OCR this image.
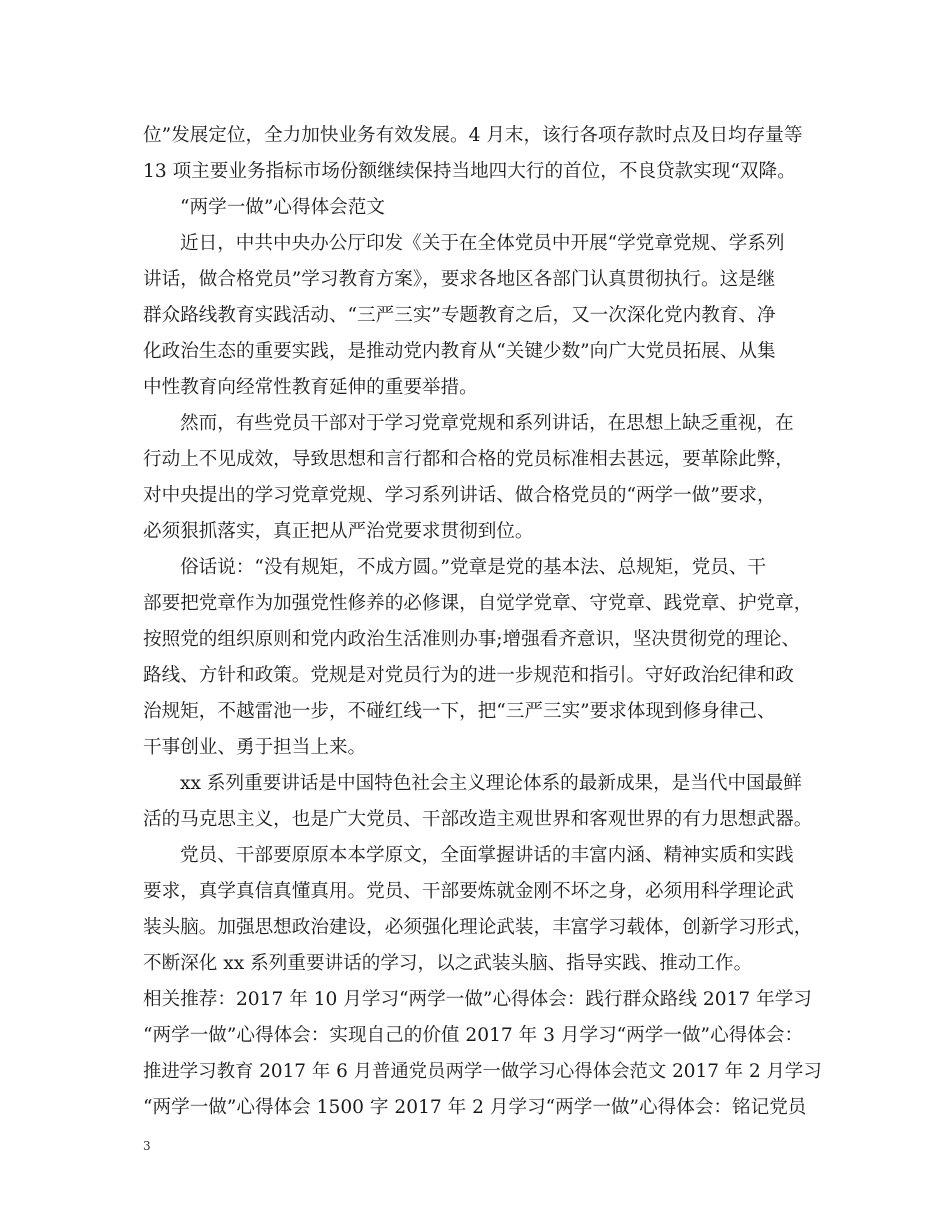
位”发展定位，全力加快业务有效发展。4 月末，该行各项存款时点及日均存量等
13 项主要业务指标市场份额继续保持当地四大行的首位，不良贷款实现“双降。
“两学一做”心得体会范文
近日，中共中央办公厅印发《关于在全体党员中开展“学党章党规、学系列
讲话，做合格党员”学习教育方案》，要求各地区各部门认真贯彻执行。这是继
群众路线教育实践活动、“三严三实”专题教育之后，又一次深化党内教育、净
化政治生态的重要实践，是推动党内教育从“关键少数”向广大党员拓展、从集
中性教育向经常性教育延伸的重要举措。
然而，有些党员干部对于学习党章党规和系列讲话，在思想上缺乏重视，在
行动上不见成效，导致思想和言行都和合格的党员标准相去甚远，要革除此弊，
对中央提出的学习党章党规、学习系列讲话、做合格党员的“两学一做”要求，
必须狠抓落实，真正把从严治党要求贯彻到位。
俗话说：“没有规矩，不成方圆。”党章是党的基本法、总规矩，党员、干
部要把党章作为加强党性修养的必修课，自觉学党章、守党章、践党章、护党章，
按照党的组织原则和党内政治生活准则办事;增强看齐意识，坚决贯彻党的理论、
路线、方针和政策。党规是对党员行为的进一步规范和指引。守好政治纪律和政
治规矩，不越雷池一步，不碰红线一下，把“三严三实”要求体现到修身律己、
干事创业、勇于担当上来。
xx 系列重要讲话是中国特色社会主义理论体系的最新成果，是当代中国最鲜
活的马克思主义，也是广大党员、干部改造主观世界和客观世界的有力思想武器。
党员、干部要原原本本学原文，全面掌握讲话的丰富内涵、精神实质和实践
要求，真学真信真懂真用。党员、干部要炼就金刚不坏之身，必须用科学理论武
装头脑。加强思想政治建设，必须强化理论武装，丰富学习载体，创新学习形式，
不断深化 xx 系列重要讲话的学习，以之武装头脑、指导实践、推动工作。
相关推荐：2017 年 10 月学习“两学一做”心得体会：践行群众路线 2017 年学习
“两学一做”心得体会：实现自己的价值 2017 年 3 月学习“两学一做”心得体会：
推进学习教育 2017 年 6 月普通党员两学一做学习心得体会范文 2017 年 2 月学习
“两学一做”心得体会 1500 字 2017 年 2 月学习“两学一做”心得体会：铭记党员
3
